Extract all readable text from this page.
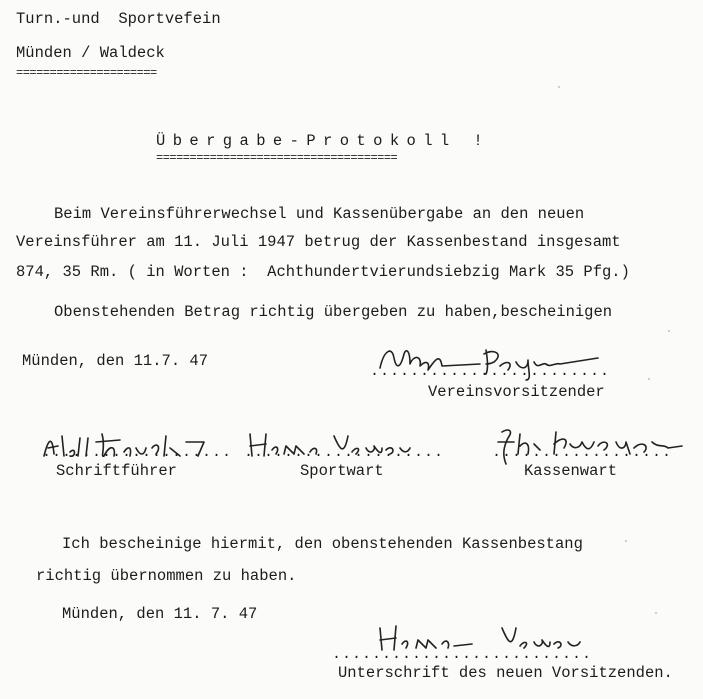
Turn.-und  Sportvefein
Münden / Waldeck
=====================
Übergabe-Protokoll !
====================================
Beim Vereinsführerwechsel und Kassenübergabe an den neuen
Vereinsführer am 11. Juli 1947 betrug der Kassenbestand insgesamt
874, 35 Rm. ( in Worten :  Achthundertvierundsiebzig Mark 35 Pfg.)
Obenstehenden Betrag richtig übergeben zu haben,bescheinigen
Münden, den 11.7. 47
........................
Vereinsvorsitzender
...................
Schriftführer
....................
Sportwart
..................
Kassenwart
Ich bescheinige hiermit, den obenstehenden Kassenbestang
richtig übernommen zu haben.
Münden, den 11. 7. 47
..........................
Unterschrift des neuen Vorsitzenden.
